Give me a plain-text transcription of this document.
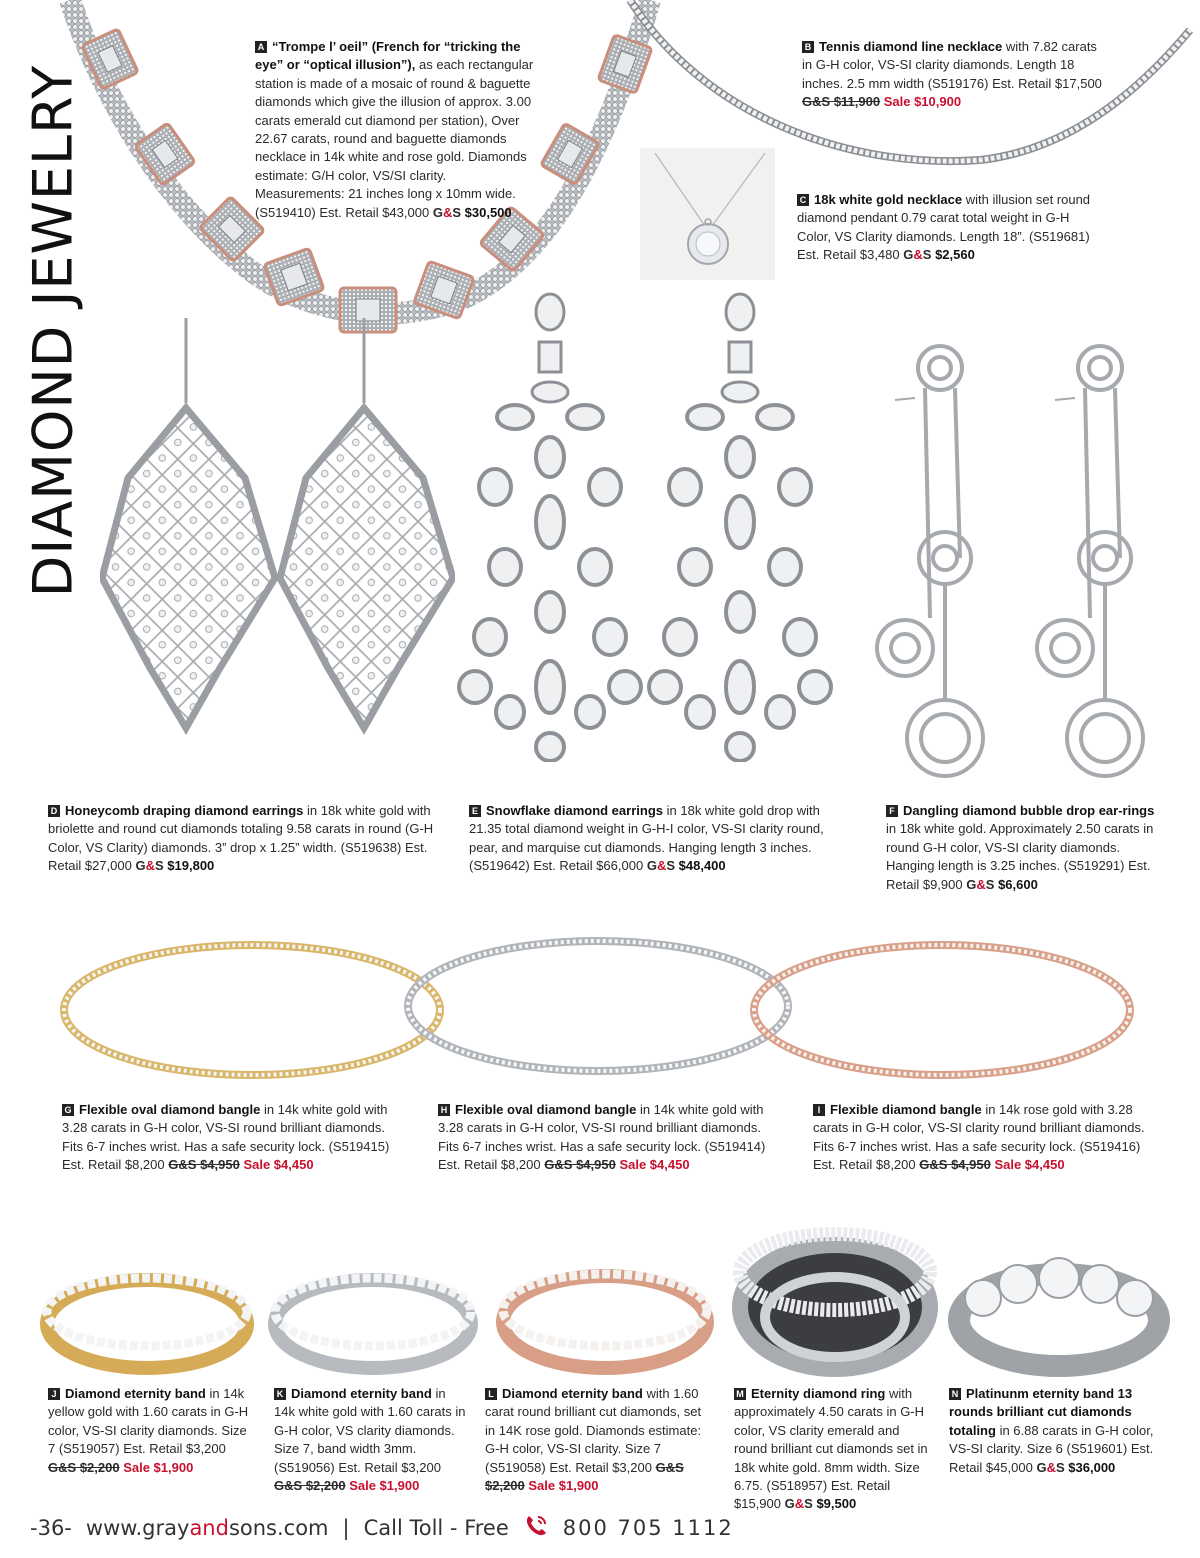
DIAMOND JEWELRY
A “Trompe l’ oeil” (French for “tricking the eye” or “optical illusion”), as each rectangular station is made of a mosaic of round & baguette diamonds which give the illusion of approx. 3.00 carats emerald cut diamond per station), Over 22.67 carats, round and baguette diamonds necklace in 14k white and rose gold. Diamonds estimate: G/H color, VS/SI clarity. Measurements: 21 inches long x 10mm wide. (S519410) Est. Retail $43,000 G&S $30,500
B Tennis diamond line necklace with 7.82 carats in G-H color, VS-SI clarity diamonds. Length 18 inches. 2.5 mm width (S519176) Est. Retail $17,500 G&S $11,900 Sale $10,900
C 18k white gold necklace with illusion set round diamond pendant 0.79 carat total weight in G-H Color, VS Clarity diamonds. Length 18”. (S519681) Est. Retail $3,480 G&S $2,560
D Honeycomb draping diamond earrings in 18k white gold with briolette and round cut diamonds totaling 9.58 carats in round (G-H Color, VS Clarity) diamonds. 3” drop x 1.25” width. (S519638) Est. Retail $27,000 G&S $19,800
E Snowflake diamond earrings in 18k white gold drop with 21.35 total diamond weight in G-H-I color, VS-SI clarity round, pear, and marquise cut diamonds. Hanging length 3 inches. (S519642) Est. Retail $66,000 G&S $48,400
F Dangling diamond bubble drop ear-rings in 18k white gold. Approximately 2.50 carats in round G-H color, VS-SI clarity diamonds. Hanging length is 3.25 inches. (S519291) Est. Retail $9,900 G&S $6,600
G Flexible oval diamond bangle in 14k white gold with 3.28 carats in G-H color, VS-SI round brilliant diamonds. Fits 6-7 inches wrist. Has a safe security lock. (S519415) Est. Retail $8,200 G&S $4,950 Sale $4,450
H Flexible oval diamond bangle in 14k white gold with 3.28 carats in G-H color, VS-SI round brilliant diamonds. Fits 6-7 inches wrist. Has a safe security lock. (S519414) Est. Retail $8,200 G&S $4,950 Sale $4,450
I Flexible diamond bangle in 14k rose gold with 3.28 carats in G-H color, VS-SI clarity round brilliant diamonds. Fits 6-7 inches wrist. Has a safe security lock. (S519416) Est. Retail $8,200 G&S $4,950 Sale $4,450
J Diamond eternity band in 14k yellow gold with 1.60 carats in G-H color, VS-SI clarity diamonds. Size 7 (S519057) Est. Retail $3,200 G&S $2,200 Sale $1,900
K Diamond eternity band in 14k white gold with 1.60 carats in G-H color, VS clarity diamonds. Size 7, band width 3mm. (S519056) Est. Retail $3,200 G&S $2,200 Sale $1,900
L Diamond eternity band with 1.60 carat round brilliant cut diamonds, set in 14K rose gold. Diamonds estimate: G-H color, VS-SI clarity. Size 7 (S519058) Est. Retail $3,200 G&S $2,200 Sale $1,900
M Eternity diamond ring with approximately 4.50 carats in G-H color, VS clarity emerald and round brilliant cut diamonds set in 18k white gold. 8mm width. Size 6.75. (S518957) Est. Retail $15,900 G&S $9,500
N Platinunm eternity band 13 rounds brilliant cut diamonds totaling in 6.88 carats in G-H color, VS-SI clarity. Size 6 (S519601) Est. Retail $45,000 G&S $36,000
-36- www.grayandsons.com | Call Toll - Free	800 705 1112
